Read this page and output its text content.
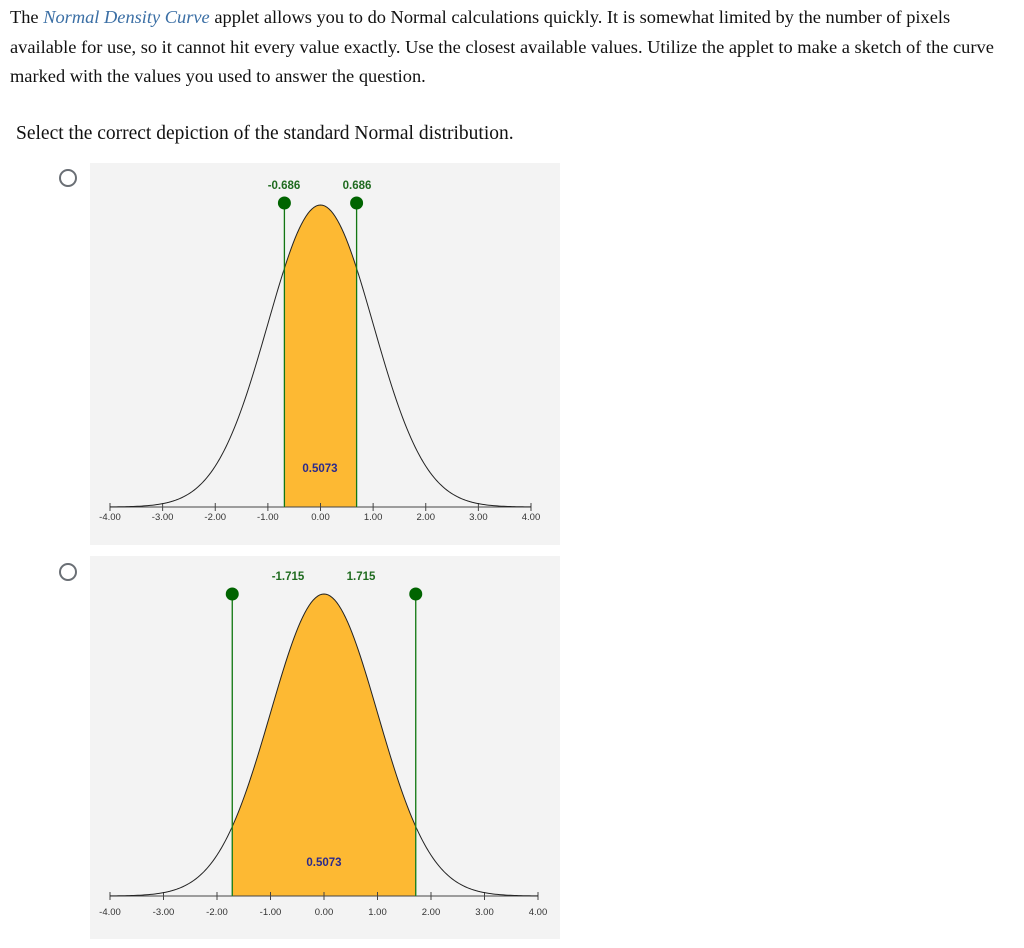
The Normal Density Curve applet allows you to do Normal calculations quickly. It is somewhat limited by the number of pixels available for use, so it cannot hit every value exactly. Use the closest available values. Utilize the applet to make a sketch of the curve marked with the values you used to answer the question.
Select the correct depiction of the standard Normal distribution.
-0.686	0.686
0.5073
-4.00	-3.00	-2.00	-1.00	0.00	1.00	2.00	3.00	4.00
-1.715	1.715
0.5073
-4.00	-3.00	-2.00	-1.00	0.00	1.00	2.00	3.00	4.00
